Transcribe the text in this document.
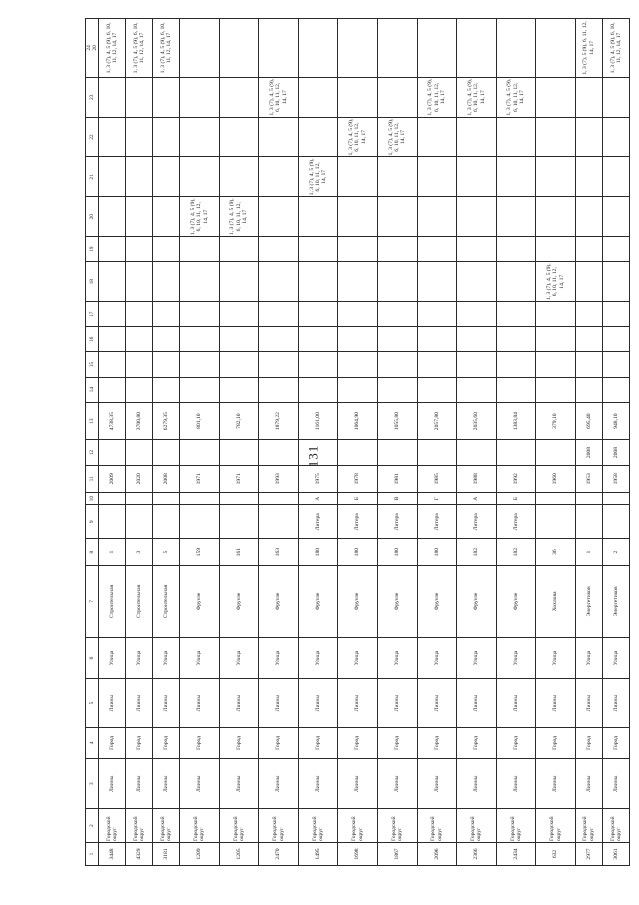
131
1	2	3	4	5	6	7	8	9	10	11	12	13	14	15	16	17	18	19	20	21	22	23	24 20

3448	Городской округ	Лиины	Город	Лиины	Улица	Строительная	1			2009		4738,35											1, 3 (7), 4, 5 (9), 6, 10, 11, 12, 14, 17
4329	Городской округ	Лиины	Город	Лиины	Улица	Строительная	3			2020		3700,80											1, 3 (7), 4, 5 (9), 6, 10, 11, 12, 14, 17
3181	Городской округ	Лиины	Город	Лиины	Улица	Строительная	5			2008		6279,35											1, 3 (7), 4, 5 (9), 6, 10, 11, 12, 14, 17
1209	Городской округ	Лиины	Город	Лиины	Улица	Фрунзе	159			1971		801,10							1, 3 (7), 4, 5 (9), 6, 10, 11, 12, 14, 17				
1205	Городской округ	Лиины	Город	Лиины	Улица	Фрунзе	161			1971		782,10							1, 3 (7), 4, 5 (9), 6, 10, 11, 12, 14, 17				
2470	Городской округ	Лиины	Город	Лиины	Улица	Фрунзе	163			1993		1879,22										1, 3 (7), 4, 5 (9), 6, 10, 11, 12, 14, 17	
1495	Городской округ	Лиины	Город	Лиины	Улица	Фрунзе	180	Литера	А	1975		1161,00								1, 3 (7), 4, 5 (9), 6, 10, 11, 12, 14, 17			
1698	Городской округ	Лиины	Город	Лиины	Улица	Фрунзе	180	Литера	Б	1978		1064,90									1, 3 (7), 4, 5 (9), 6, 10, 11, 12, 14, 17		
1867	Городской округ	Лиины	Город	Лиины	Улица	Фрунзе	180	Литера	В	1981		1055,80									1, 3 (7), 4, 5 (9), 6, 10, 11, 12, 14, 17		
2096	Городской округ	Лиины	Город	Лиины	Улица	Фрунзе	180	Литера	Г	1985		2057,80										1, 3 (7), 4, 5 (9), 6, 10, 11, 12, 14, 17	
2366	Городской округ	Лиины	Город	Лиины	Улица	Фрунзе	182	Литера	А	1988		2035,60										1, 3 (7), 4, 5 (9), 6, 10, 11, 12, 14, 17	
2434	Городской округ	Лиины	Город	Лиины	Улица	Фрунзе	182	Литера	Б	1992		1383,84										1, 3 (7), 4, 5 (9), 6, 10, 11, 12, 14, 17	
632	Городской округ	Лиины	Город	Лиины	Улица	Хохлова	36			1960		379,10					1, 3 (7), 4, 5 (9), 6, 10, 11, 12, 14, 17						
2977	Городской округ	Лиины	Город	Лиины	Улица	Энергетиков	1			1953	2008	695,40											1, 3 (7), 5 (9), 6, 11, 12, 14, 17
3061	Городской округ	Лиины	Город	Лиины	Улица	Энергетиков	2			1958	2008	948,10											1, 3 (7), 4, 5 (9), 6, 10, 11, 12, 14, 17
